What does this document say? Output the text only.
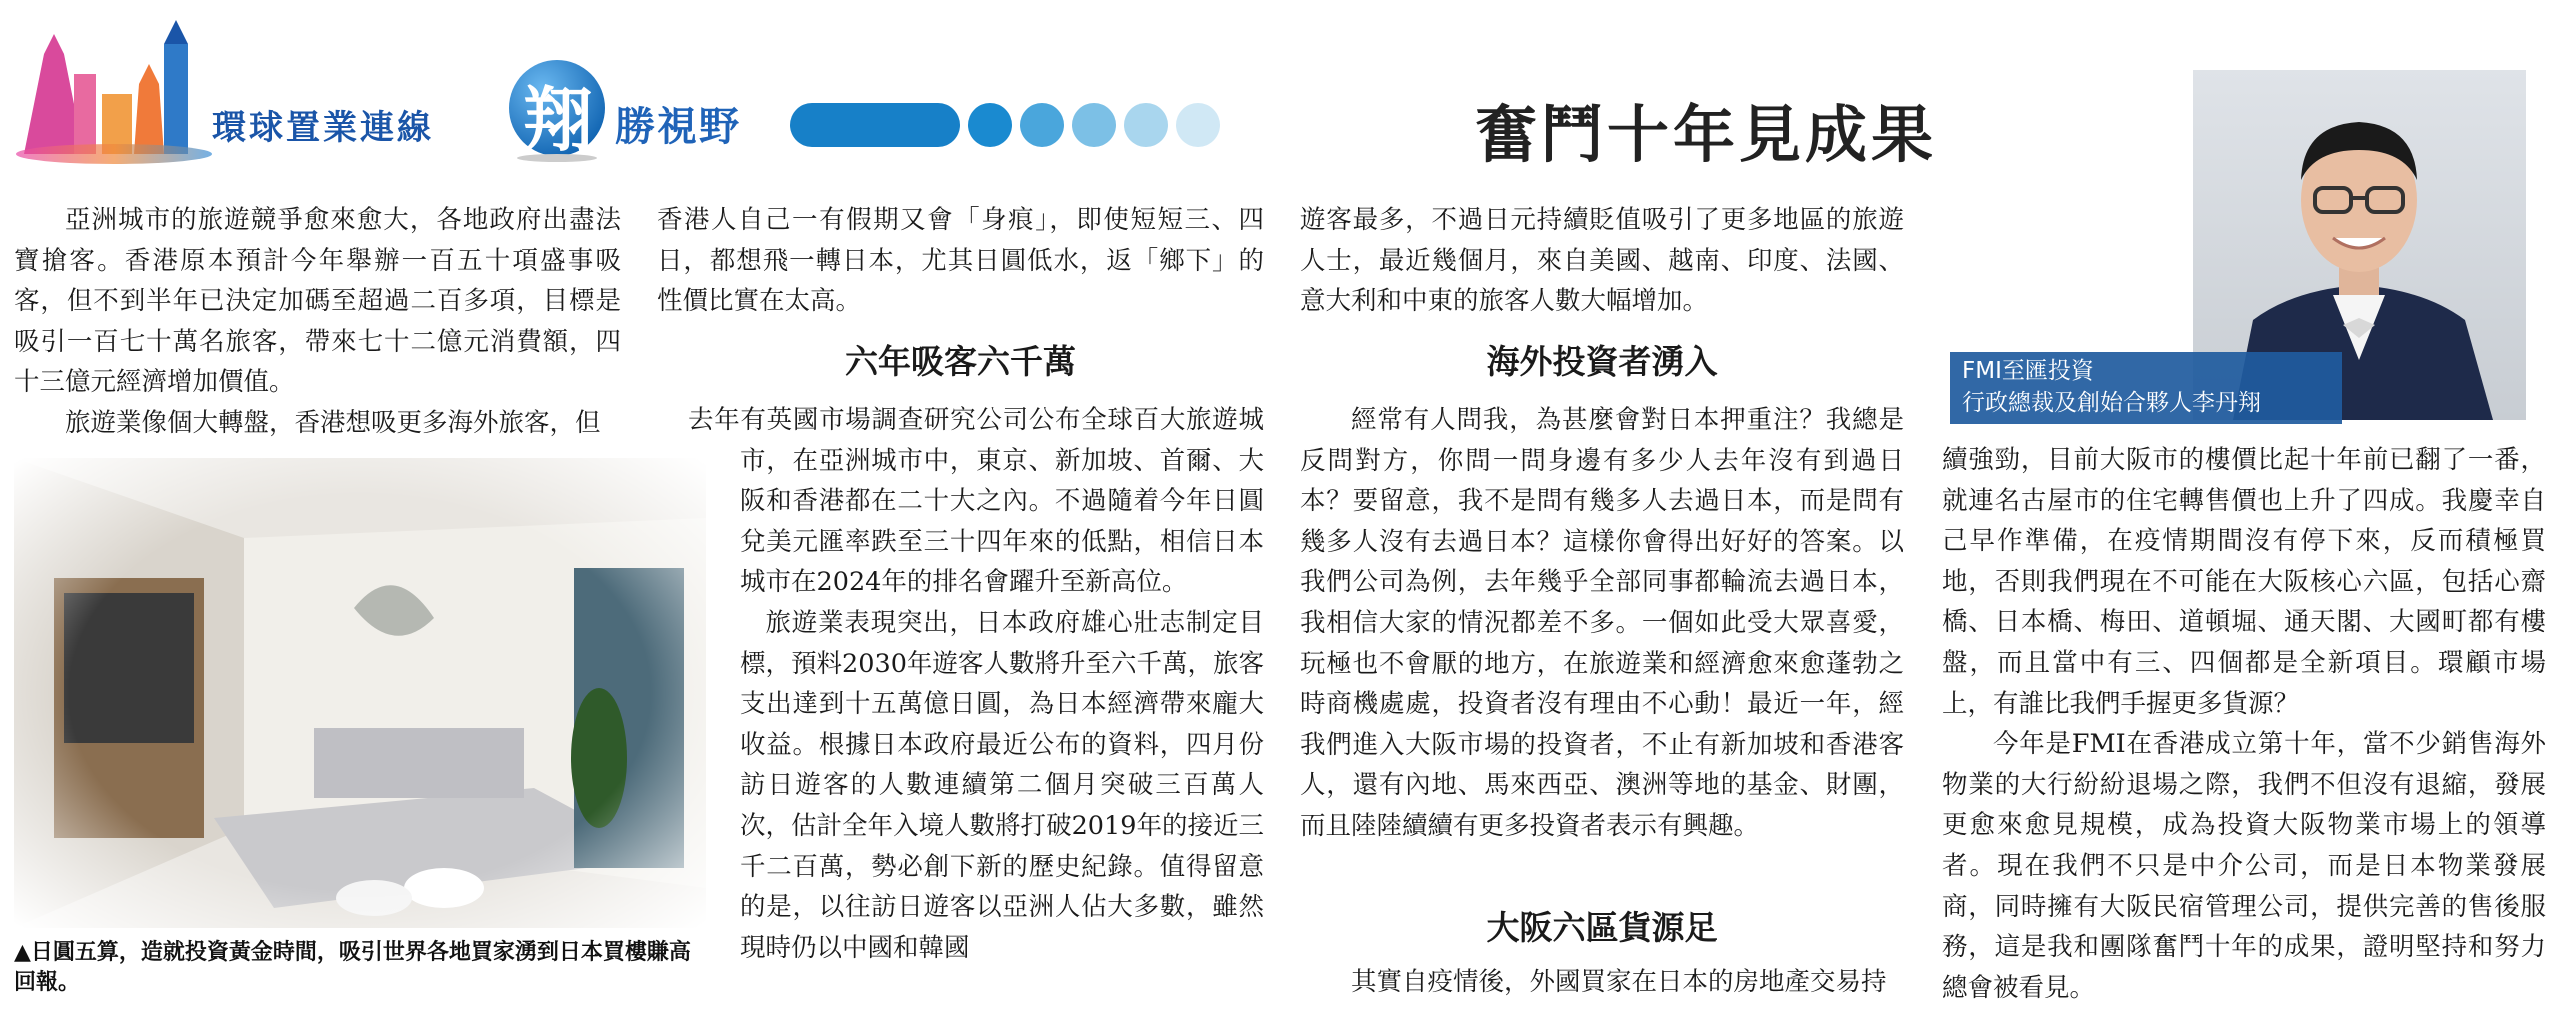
環球置業連線 翔 勝視野	奮鬥十年見成果
FMI至匯投資
行政總裁及創始合夥人李丹翔
▲日圓五算，造就投資黃金時間，吸引世界各地買家湧到日本買樓賺高回報。

亞洲城市的旅遊競爭愈來愈大，各地政府出盡法寶搶客。香港原本預計今年舉辦一百五十項盛事吸客，但不到半年已決定加碼至超過二百多項，目標是吸引一百七十萬名旅客，帶來七十二億元消費額，四十三億元經濟增加價值。

旅遊業像個大轉盤，香港想吸更多海外旅客，但

香港人自己一有假期又會「身痕」，即使短短三、四日，都想飛一轉日本，尤其日圓低水，返「鄉下」的性價比實在太高。

六年吸客六千萬

去年有英國市場調查研究公司公布全球百大旅遊城市，在亞洲城市中，東京、新加坡、首爾、大阪和香港都在二十大之內。不過隨着今年日圓兌美元匯率跌至三十四年來的低點，相信日本城市在2024年的排名會躍升至新高位。

旅遊業表現突出，日本政府雄心壯志制定目標，預料2030年遊客人數將升至六千萬，旅客支出達到十五萬億日圓，為日本經濟帶來龐大收益。根據日本政府最近公布的資料，四月份訪日遊客的人數連續第二個月突破三百萬人次，估計全年入境人數將打破2019年的接近三千二百萬，勢必創下新的歷史紀錄。值得留意的是，以往訪日遊客以亞洲人佔大多數，雖然現時仍以中國和韓國

遊客最多，不過日元持續貶值吸引了更多地區的旅遊人士，最近幾個月，來自美國、越南、印度、法國、意大利和中東的旅客人數大幅增加。

海外投資者湧入

經常有人問我，為甚麼會對日本押重注？我總是反問對方，你問一問身邊有多少人去年沒有到過日本？要留意，我不是問有幾多人去過日本，而是問有幾多人沒有去過日本？這樣你會得出好好的答案。以我們公司為例，去年幾乎全部同事都輪流去過日本，我相信大家的情況都差不多。一個如此受大眾喜愛，玩極也不會厭的地方，在旅遊業和經濟愈來愈蓬勃之時商機處處，投資者沒有理由不心動！最近一年，經我們進入大阪市場的投資者，不止有新加坡和香港客人，還有內地、馬來西亞、澳洲等地的基金、財團，而且陸陸續續有更多投資者表示有興趣。

大阪六區貨源足

其實自疫情後，外國買家在日本的房地產交易持

續強勁，目前大阪市的樓價比起十年前已翻了一番，就連名古屋市的住宅轉售價也上升了四成。我慶幸自己早作準備，在疫情期間沒有停下來，反而積極買地，否則我們現在不可能在大阪核心六區，包括心齋橋、日本橋、梅田、道頓堀、通天閣、大國町都有樓盤，而且當中有三、四個都是全新項目。環顧市場上，有誰比我們手握更多貨源？

今年是FMI在香港成立第十年，當不少銷售海外物業的大行紛紛退場之際，我們不但沒有退縮，發展更愈來愈見規模，成為投資大阪物業市場上的領導者。現在我們不只是中介公司，而是日本物業發展商，同時擁有大阪民宿管理公司，提供完善的售後服務，這是我和團隊奮鬥十年的成果，證明堅持和努力總會被看見。
